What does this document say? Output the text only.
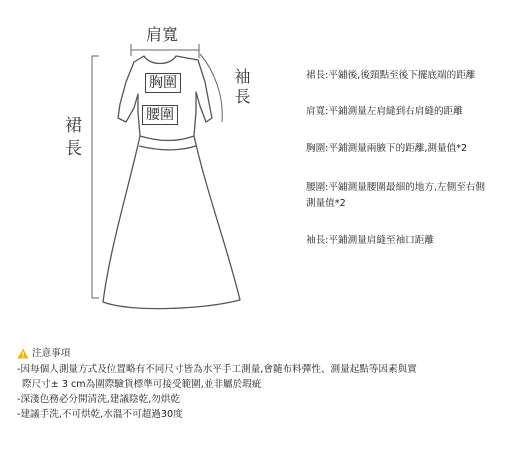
肩寬
胸圍
腰圍
袖長
裙長
裙長:平鋪後,後頸點至後下擺底端的距離
肩寬:平鋪測量左肩縫到右肩縫的距離
胸圍:平鋪測量兩腋下的距離,測量值*2
腰圍:平鋪測量腰圍最細的地方,左側至右側
測量值*2
袖長:平鋪測量肩縫至袖口距離
注意事項
-因每個人測量方式及位置略有不同尺寸皆為水平手工測量,會隨布料彈性、測量起點等因素與實
際尺寸± 3 cm為圍際驗貨標準可接受範圍,並非屬於瑕疵
-深淺色務必分開清洗,建議陰乾,勿烘乾
-建議手洗,不可烘乾,水溫不可超過30度
